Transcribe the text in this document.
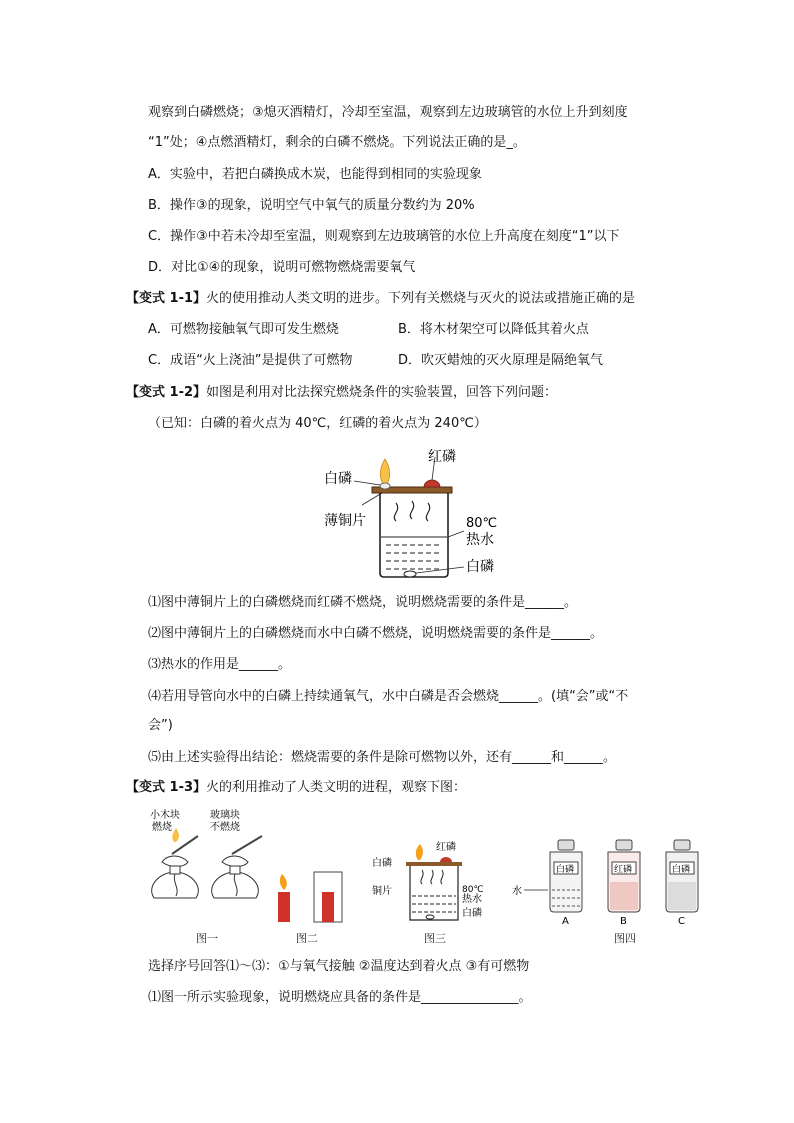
观察到白磷燃烧；③熄灭酒精灯，冷却至室温，观察到左边玻璃管的水位上升到刻度
“1”处；④点燃酒精灯，剩余的白磷不燃烧。下列说法正确的是_。
A．实验中，若把白磷换成木炭，也能得到相同的实验现象
B．操作③的现象，说明空气中氧气的质量分数约为 20%
C．操作③中若未冷却至室温，则观察到左边玻璃管的水位上升高度在刻度“1”以下
D．对比①④的现象，说明可燃物燃烧需要氧气
【变式 1-1】火的使用推动人类文明的进步。下列有关燃烧与灭火的说法或措施正确的是
A．可燃物接触氧气即可发生燃烧	B．将木材架空可以降低其着火点
C．成语“火上浇油”是提供了可燃物	D．吹灭蜡烛的灭火原理是隔绝氧气
【变式 1-2】如图是利用对比法探究燃烧条件的实验装置，回答下列问题：
（已知：白磷的着火点为 40℃，红磷的着火点为 240℃）
白磷
红磷
薄铜片	80℃
热水
白磷
⑴图中薄铜片上的白磷燃烧而红磷不燃烧，说明燃烧需要的条件是______。
⑵图中薄铜片上的白磷燃烧而水中白磷不燃烧，说明燃烧需要的条件是______。
⑶热水的作用是______。
⑷若用导管向水中的白磷上持续通氧气，水中白磷是否会燃烧______。(填“会”或“不
会”)
⑸由上述实验得出结论：燃烧需要的条件是除可燃物以外，还有______和______。
【变式 1-3】火的利用推动了人类文明的进程，观察下图：
小木块
燃烧
玻璃块
不燃烧
图一	图二
白磷
红磷
铜片	80℃
热水
白磷
图三
水
白磷
A
红磷
B
白磷
C
图四
选择序号回答⑴～⑶：①与氧气接触 ②温度达到着火点 ③有可燃物
⑴图一所示实验现象，说明燃烧应具备的条件是_______________。
